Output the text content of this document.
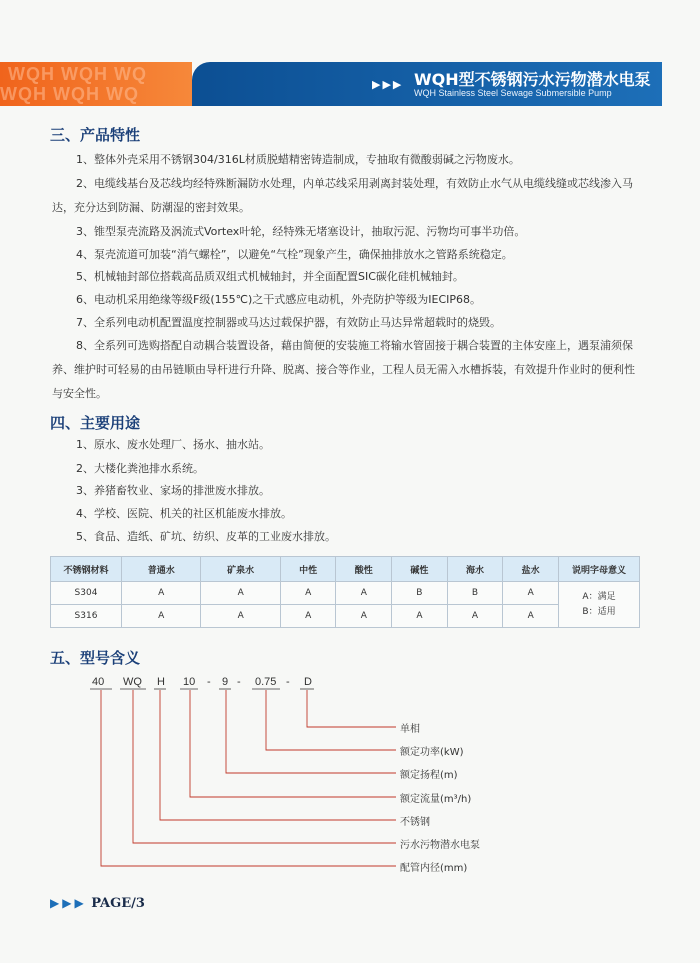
WQH WQH WQ
WQH WQH WQ	▶▶▶ WQH型不锈钢污水污物潜水电泵
WQH Stainless Steel Sewage Submersible Pump
三、产品特性
1、整体外壳采用不锈钢304/316L材质脱蜡精密铸造制成，专抽取有微酸弱碱之污物废水。
2、电缆线基台及芯线均经特殊断漏防水处理，内单芯线采用剥离封装处理，有效防止水气从电缆线缝或芯线渗入马达，充分达到防漏、防潮湿的密封效果。
3、锥型泵壳流路及涡流式Vortex叶轮，经特殊无堵塞设计，抽取污泥、污物均可事半功倍。
4、泵壳流道可加装“消气螺栓”，以避免“气栓”现象产生，确保抽排放水之管路系统稳定。
5、机械轴封部位搭载高品质双组式机械轴封，并全面配置SIC碳化硅机械轴封。
6、电动机采用绝缘等级F级(155℃)之干式感应电动机，外壳防护等级为IECIP68。
7、全系列电动机配置温度控制器或马达过载保护器，有效防止马达异常超载时的烧毁。
8、全系列可选购搭配自动耦合装置设备，藉由简便的安装施工将输水管固接于耦合装置的主体安座上，遇泵浦须保养、维护时可轻易的由吊链顺由导杆进行升降、脱离、接合等作业，工程人员无需入水槽拆装，有效提升作业时的便利性与安全性。
四、主要用途
1、原水、废水处理厂、扬水、抽水站。
2、大楼化粪池排水系统。
3、养猪畜牧业、家场的排泄废水排放。
4、学校、医院、机关的社区机能废水排放。
5、食品、造纸、矿坑、纺织、皮革的工业废水排放。
不锈钢材料	普通水	矿泉水	中性	酸性	碱性	海水	盐水	说明字母意义
S304	A	A	A	A	B	B	A	A：满足
B：适用

S316	A	A	A	A	A	A	A	
五、型号含义
40 WQ H 10 - 9 - 0.75 - D
单相
额定功率(kW)
额定扬程(m)
额定流量(m³/h)
不锈钢
污水污物潜水电泵
配管内径(mm)
▶▶▶ PAGE/3
